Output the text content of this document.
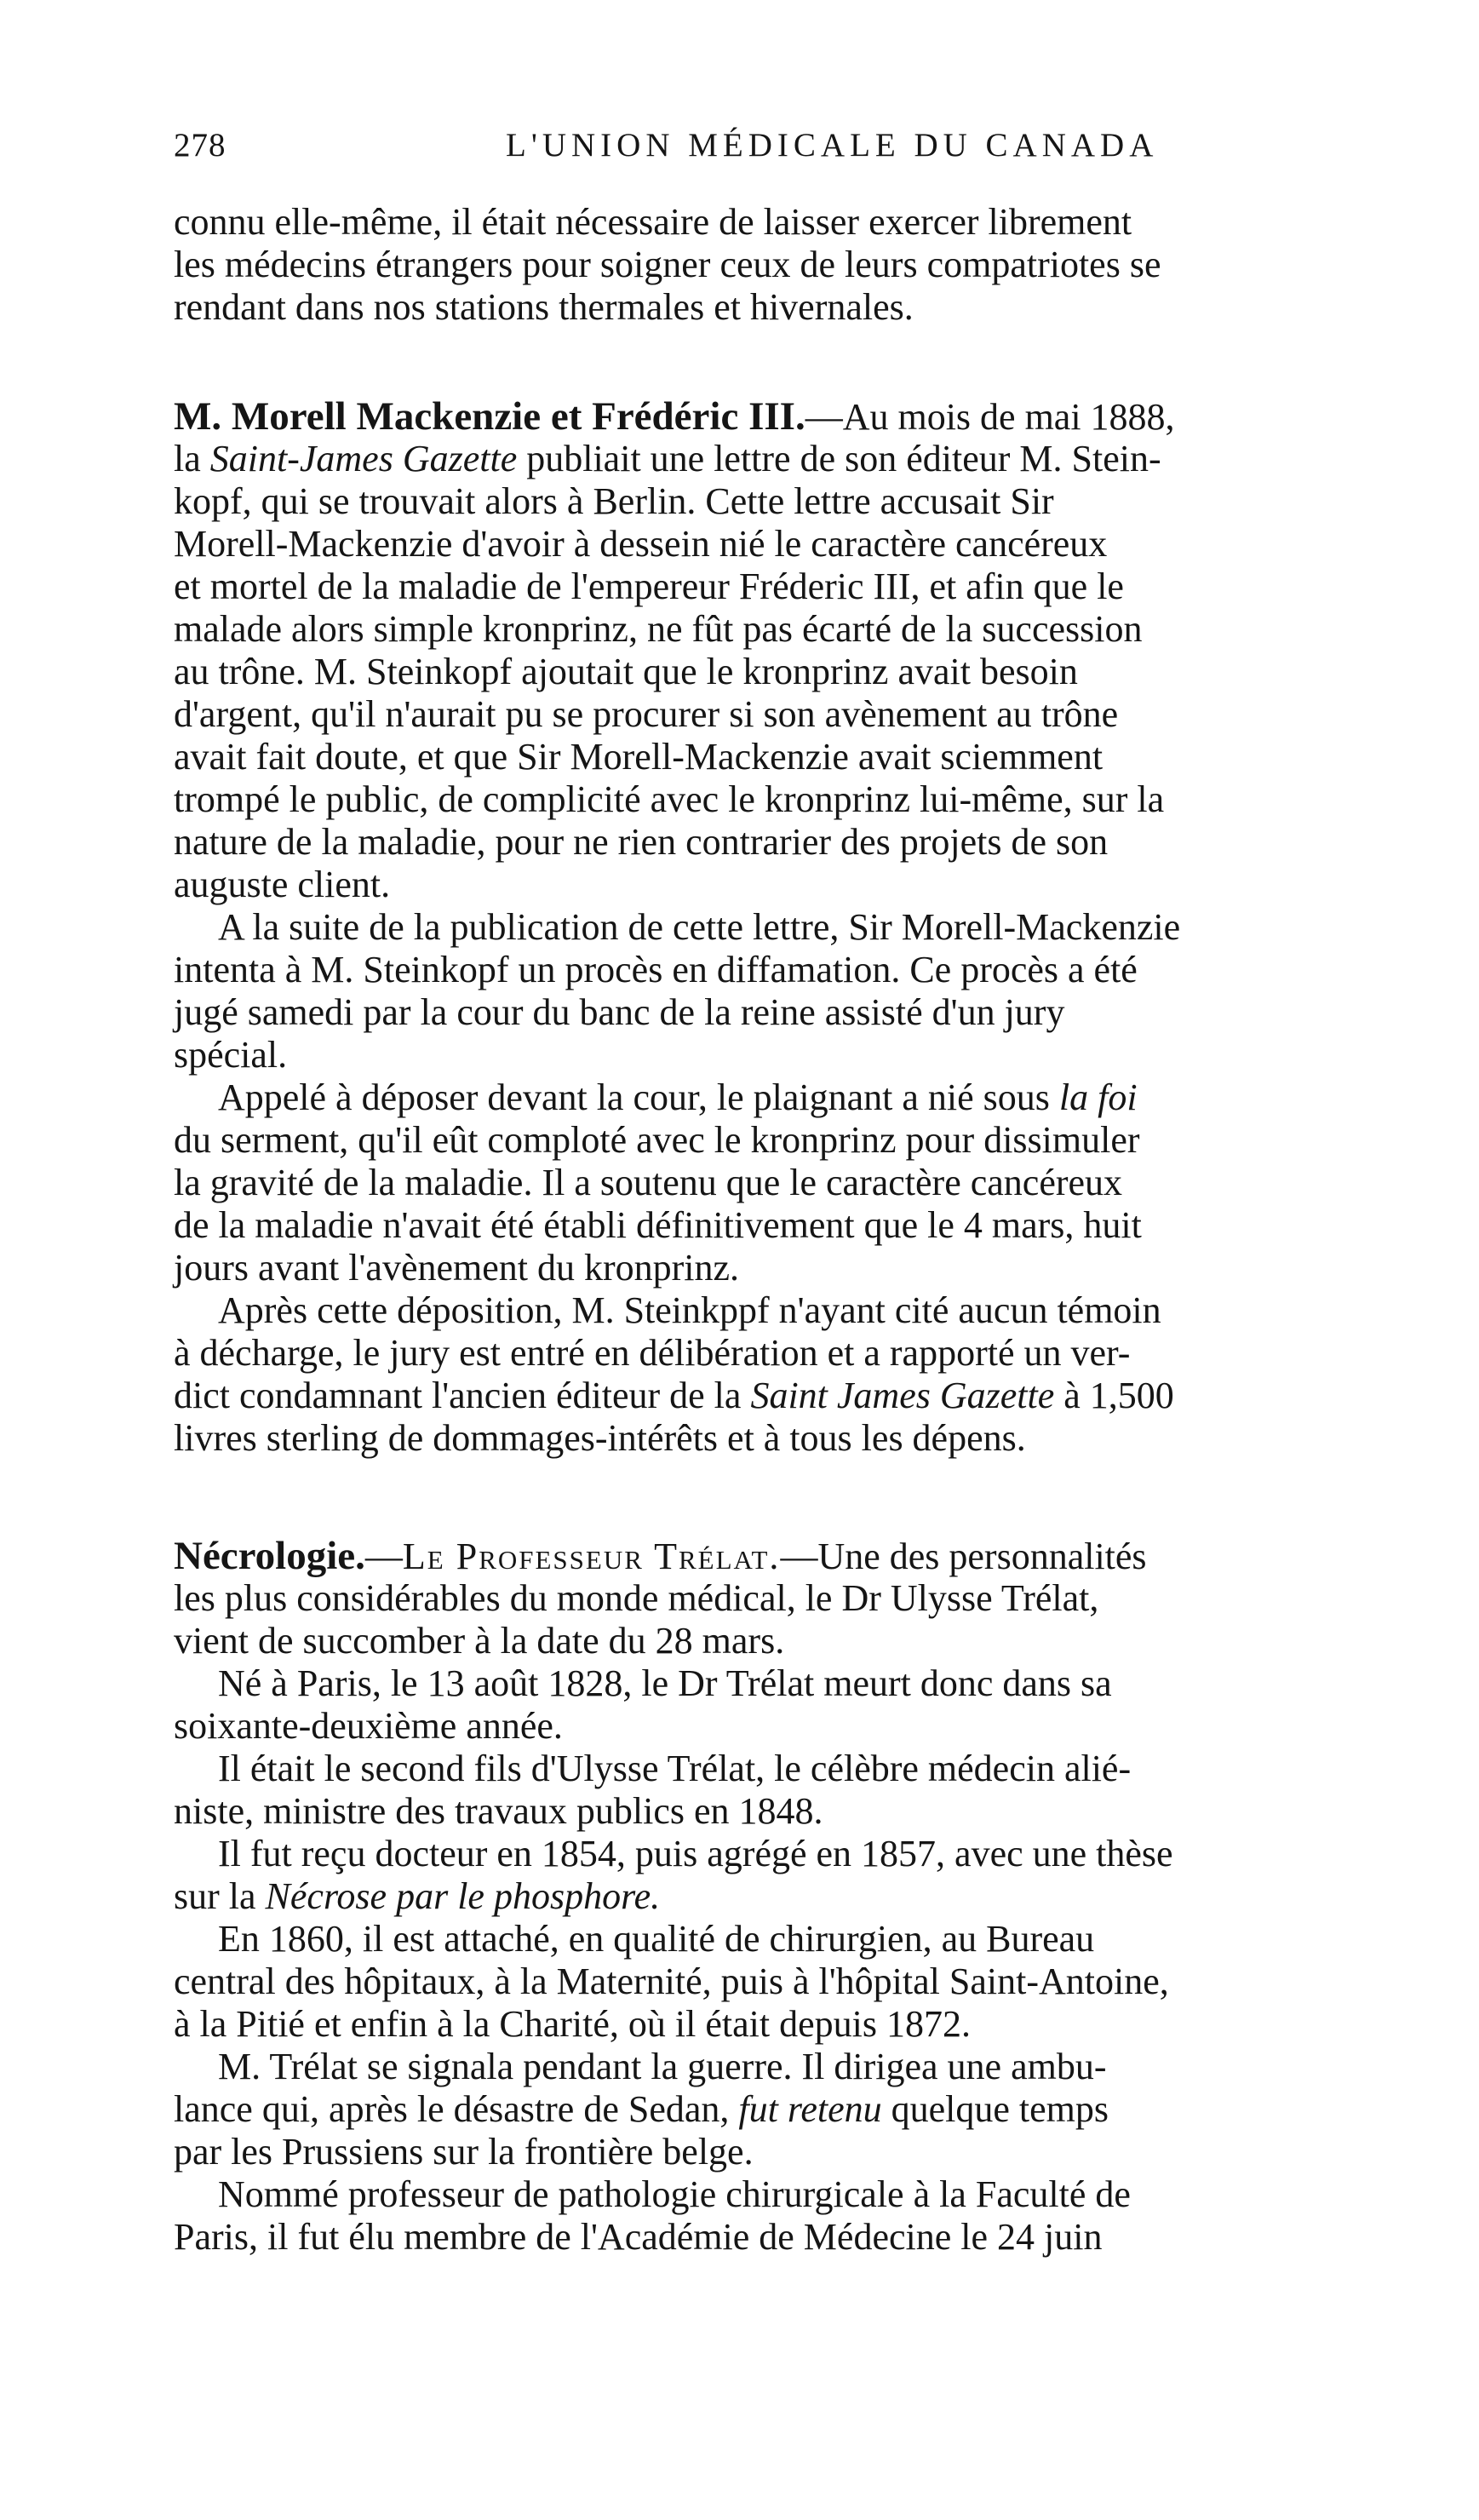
278	L'UNION MÉDICALE DU CANADA
connu elle-même, il était nécessaire de laisser exercer librement
les médecins étrangers pour soigner ceux de leurs compatriotes se
rendant dans nos stations thermales et hivernales.
M. Morell Mackenzie et Frédéric III.—Au mois de mai 1888,
la Saint-James Gazette publiait une lettre de son éditeur M. Stein-
kopf, qui se trouvait alors à Berlin. Cette lettre accusait Sir
Morell-Mackenzie d'avoir à dessein nié le caractère cancéreux
et mortel de la maladie de l'empereur Fréderic III, et afin que le
malade alors simple kronprinz, ne fût pas écarté de la succession
au trône. M. Steinkopf ajoutait que le kronprinz avait besoin
d'argent, qu'il n'aurait pu se procurer si son avènement au trône
avait fait doute, et que Sir Morell-Mackenzie avait sciemment
trompé le public, de complicité avec le kronprinz lui-même, sur la
nature de la maladie, pour ne rien contrarier des projets de son
auguste client.
A la suite de la publication de cette lettre, Sir Morell-Mackenzie
intenta à M. Steinkopf un procès en diffamation. Ce procès a été
jugé samedi par la cour du banc de la reine assisté d'un jury
spécial.
Appelé à déposer devant la cour, le plaignant a nié sous la foi
du serment, qu'il eût comploté avec le kronprinz pour dissimuler
la gravité de la maladie. Il a soutenu que le caractère cancéreux
de la maladie n'avait été établi définitivement que le 4 mars, huit
jours avant l'avènement du kronprinz.
Après cette déposition, M. Steinkppf n'ayant cité aucun témoin
à décharge, le jury est entré en délibération et a rapporté un ver-
dict condamnant l'ancien éditeur de la Saint James Gazette à 1,500
livres sterling de dommages-intérêts et à tous les dépens.
Nécrologie.—Le Professeur Trélat.—Une des personnalités
les plus considérables du monde médical, le Dr Ulysse Trélat,
vient de succomber à la date du 28 mars.
Né à Paris, le 13 août 1828, le Dr Trélat meurt donc dans sa
soixante-deuxième année.
Il était le second fils d'Ulysse Trélat, le célèbre médecin alié-
niste, ministre des travaux publics en 1848.
Il fut reçu docteur en 1854, puis agrégé en 1857, avec une thèse
sur la Nécrose par le phosphore.
En 1860, il est attaché, en qualité de chirurgien, au Bureau
central des hôpitaux, à la Maternité, puis à l'hôpital Saint-Antoine,
à la Pitié et enfin à la Charité, où il était depuis 1872.
M. Trélat se signala pendant la guerre. Il dirigea une ambu-
lance qui, après le désastre de Sedan, fut retenu quelque temps
par les Prussiens sur la frontière belge.
Nommé professeur de pathologie chirurgicale à la Faculté de
Paris, il fut élu membre de l'Académie de Médecine le 24 juin
